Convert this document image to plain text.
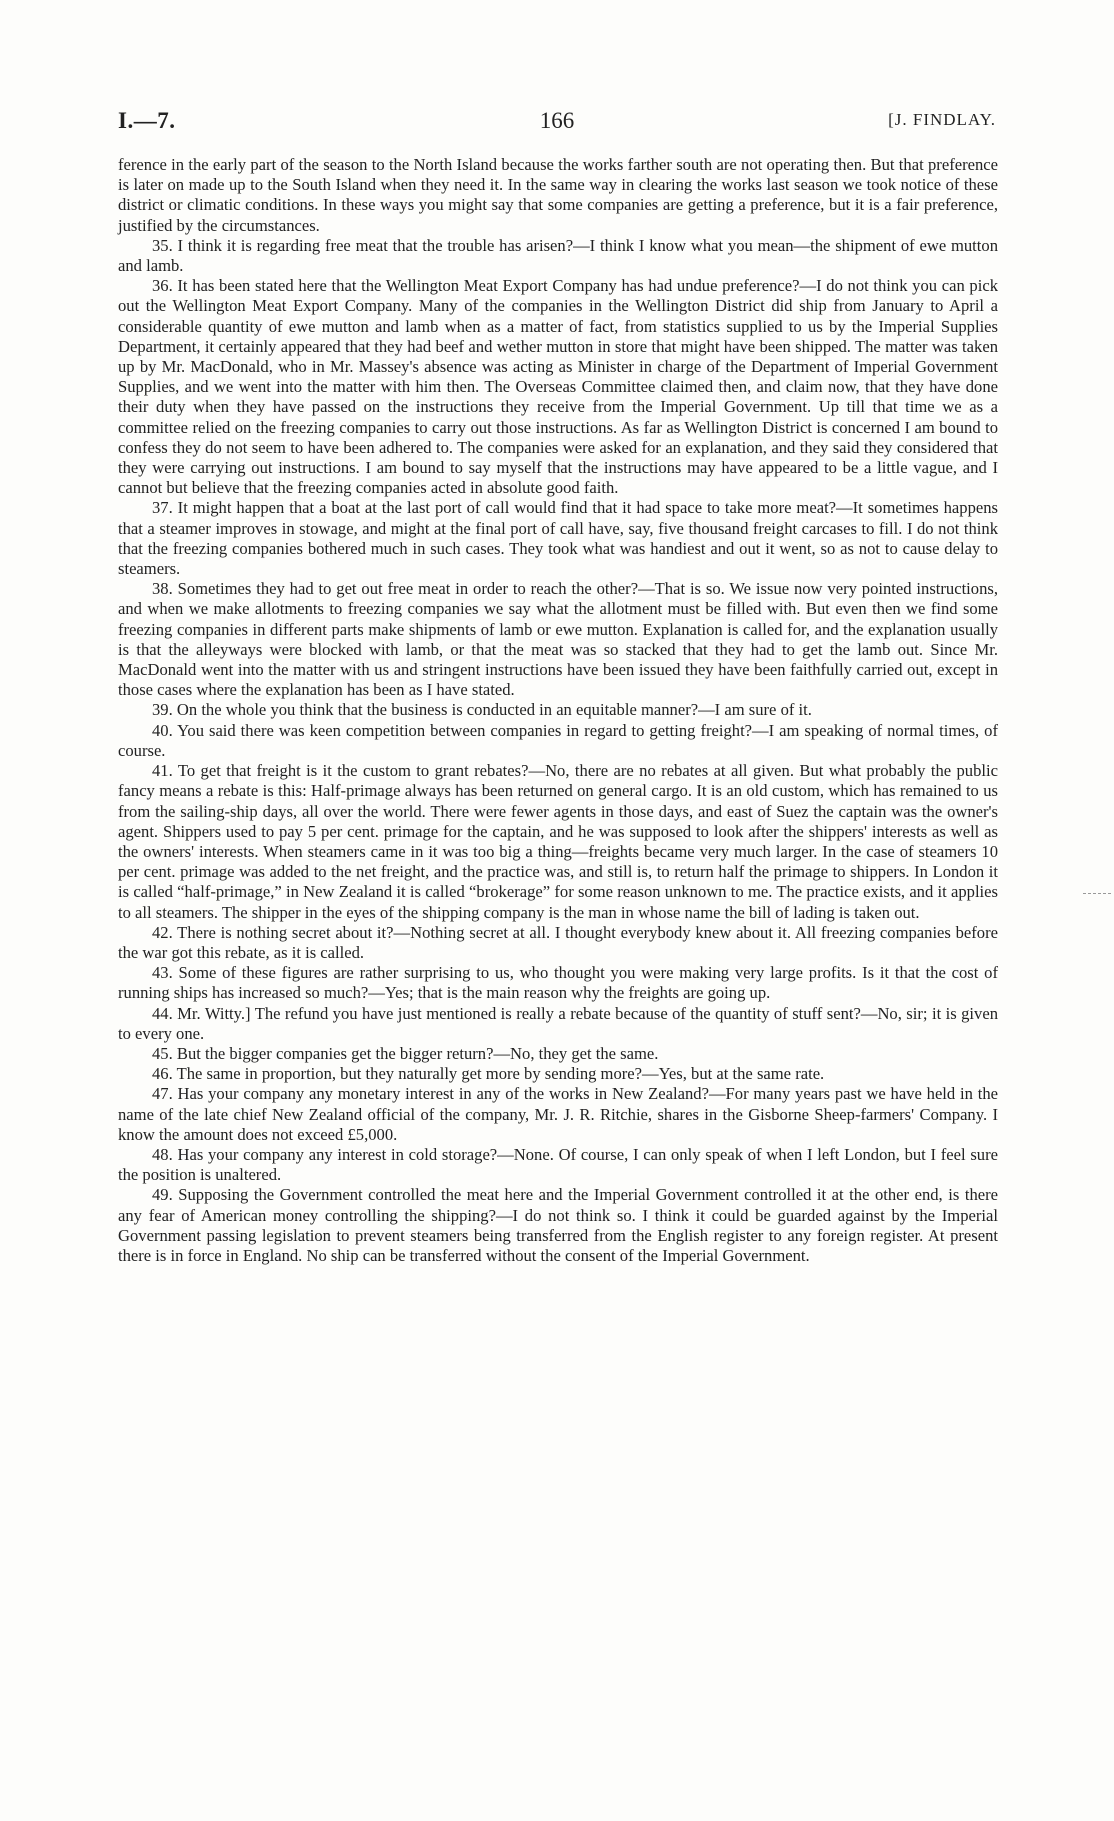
I.—7.	166	[J. FINDLAY.

ference in the early part of the season to the North Island because the works farther south are not operating then. But that preference is later on made up to the South Island when they need it. In the same way in clearing the works last season we took notice of these district or climatic conditions. In these ways you might say that some companies are getting a preference, but it is a fair preference, justified by the circumstances.

35. I think it is regarding free meat that the trouble has arisen?—I think I know what you mean—the shipment of ewe mutton and lamb.

36. It has been stated here that the Wellington Meat Export Company has had undue preference?—I do not think you can pick out the Wellington Meat Export Company. Many of the companies in the Wellington District did ship from January to April a considerable quantity of ewe mutton and lamb when as a matter of fact, from statistics supplied to us by the Imperial Supplies Department, it certainly appeared that they had beef and wether mutton in store that might have been shipped. The matter was taken up by Mr. MacDonald, who in Mr. Massey's absence was acting as Minister in charge of the Department of Imperial Government Supplies, and we went into the matter with him then. The Overseas Committee claimed then, and claim now, that they have done their duty when they have passed on the instructions they receive from the Imperial Government. Up till that time we as a committee relied on the freezing companies to carry out those instructions. As far as Wellington District is concerned I am bound to confess they do not seem to have been adhered to. The companies were asked for an explanation, and they said they considered that they were carrying out instructions. I am bound to say myself that the instructions may have appeared to be a little vague, and I cannot but believe that the freezing companies acted in absolute good faith.

37. It might happen that a boat at the last port of call would find that it had space to take more meat?—It sometimes happens that a steamer improves in stowage, and might at the final port of call have, say, five thousand freight carcases to fill. I do not think that the freezing companies bothered much in such cases. They took what was handiest and out it went, so as not to cause delay to steamers.

38. Sometimes they had to get out free meat in order to reach the other?—That is so. We issue now very pointed instructions, and when we make allotments to freezing companies we say what the allotment must be filled with. But even then we find some freezing companies in different parts make shipments of lamb or ewe mutton. Explanation is called for, and the explanation usually is that the alleyways were blocked with lamb, or that the meat was so stacked that they had to get the lamb out. Since Mr. MacDonald went into the matter with us and stringent instructions have been issued they have been faithfully carried out, except in those cases where the explanation has been as I have stated.

39. On the whole you think that the business is conducted in an equitable manner?—I am sure of it.

40. You said there was keen competition between companies in regard to getting freight?—I am speaking of normal times, of course.

41. To get that freight is it the custom to grant rebates?—No, there are no rebates at all given. But what probably the public fancy means a rebate is this: Half-primage always has been returned on general cargo. It is an old custom, which has remained to us from the sailing-ship days, all over the world. There were fewer agents in those days, and east of Suez the captain was the owner's agent. Shippers used to pay 5 per cent. primage for the captain, and he was supposed to look after the shippers' interests as well as the owners' interests. When steamers came in it was too big a thing—freights became very much larger. In the case of steamers 10 per cent. primage was added to the net freight, and the practice was, and still is, to return half the primage to shippers. In London it is called “half-primage,” in New Zealand it is called “brokerage” for some reason unknown to me. The practice exists, and it applies to all steamers. The shipper in the eyes of the shipping company is the man in whose name the bill of lading is taken out.

42. There is nothing secret about it?—Nothing secret at all. I thought everybody knew about it. All freezing companies before the war got this rebate, as it is called.

43. Some of these figures are rather surprising to us, who thought you were making very large profits. Is it that the cost of running ships has increased so much?—Yes; that is the main reason why the freights are going up.

44. Mr. Witty.] The refund you have just mentioned is really a rebate because of the quantity of stuff sent?—No, sir; it is given to every one.

45. But the bigger companies get the bigger return?—No, they get the same.

46. The same in proportion, but they naturally get more by sending more?—Yes, but at the same rate.

47. Has your company any monetary interest in any of the works in New Zealand?—For many years past we have held in the name of the late chief New Zealand official of the company, Mr. J. R. Ritchie, shares in the Gisborne Sheep-farmers' Company. I know the amount does not exceed £5,000.

48. Has your company any interest in cold storage?—None. Of course, I can only speak of when I left London, but I feel sure the position is unaltered.

49. Supposing the Government controlled the meat here and the Imperial Government controlled it at the other end, is there any fear of American money controlling the shipping?—I do not think so. I think it could be guarded against by the Imperial Government passing legislation to prevent steamers being transferred from the English register to any foreign register. At present there is in force in England. No ship can be transferred without the consent of the Imperial Government.
